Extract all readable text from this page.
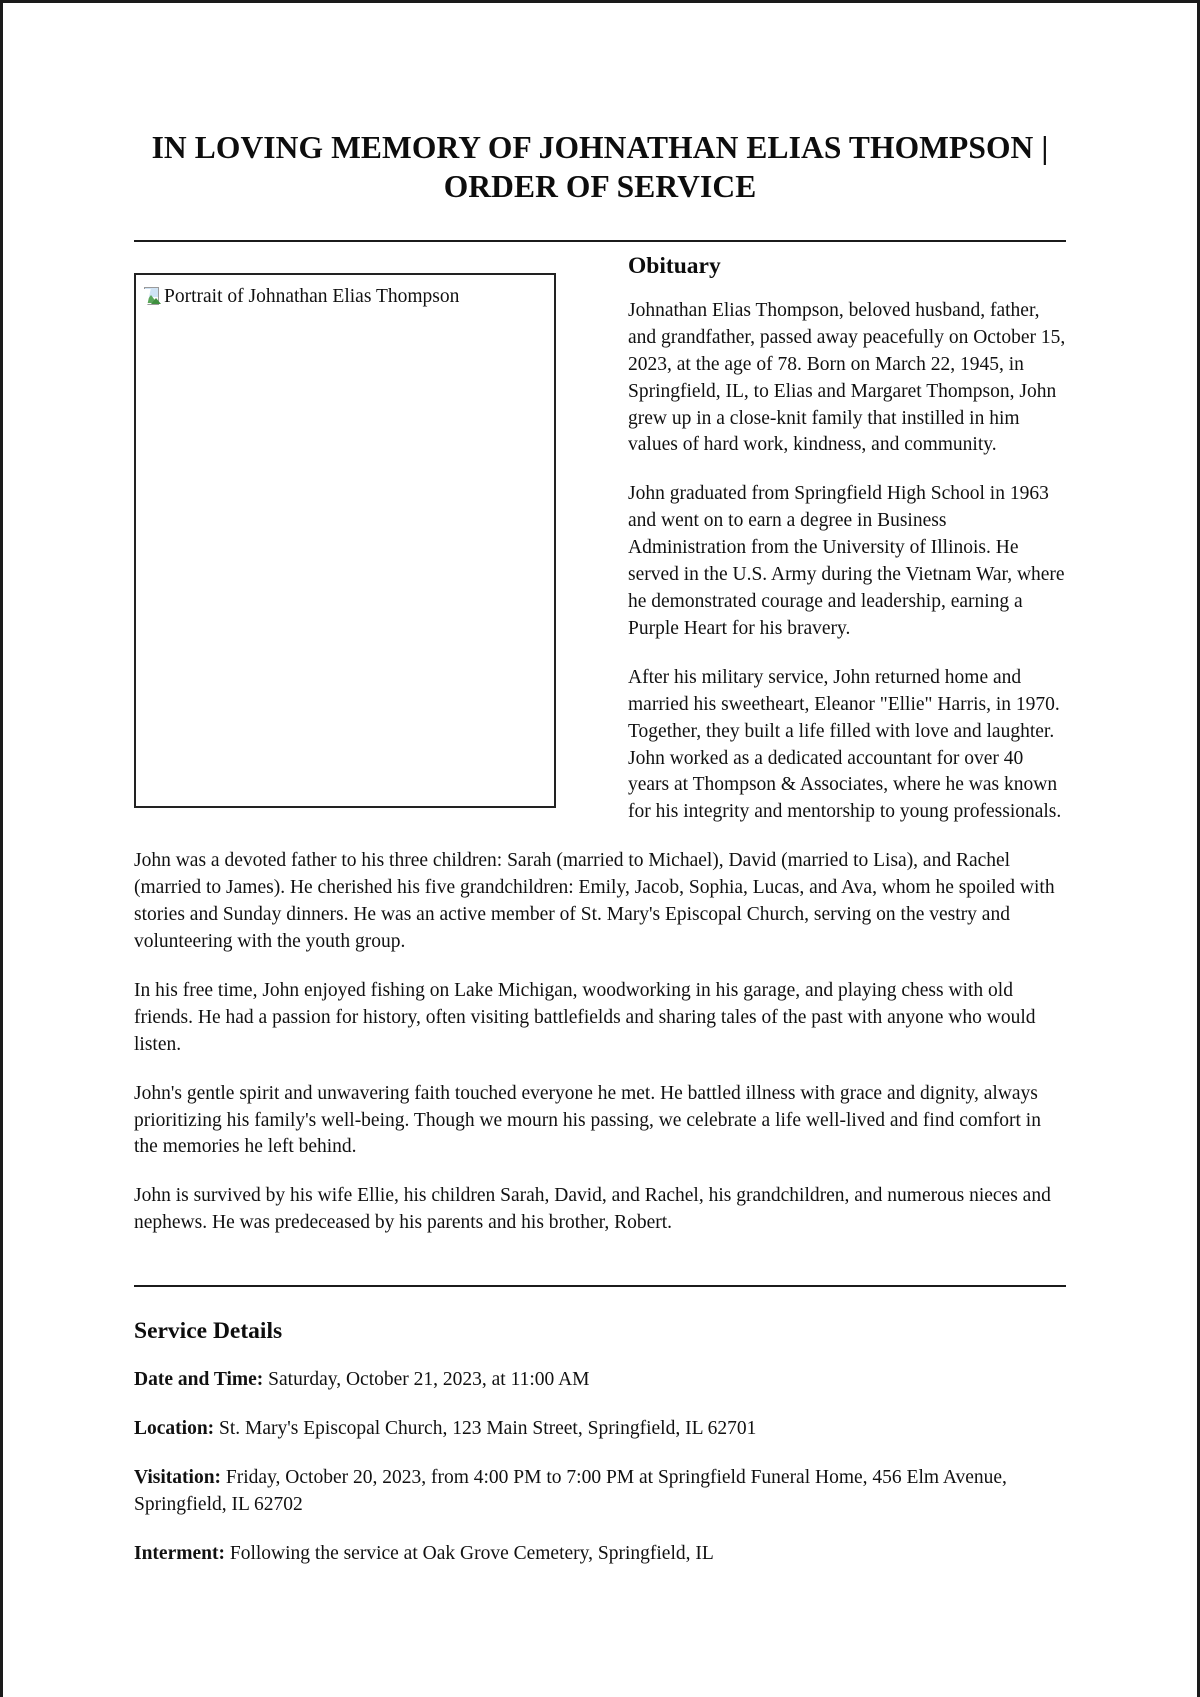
IN LOVING MEMORY OF JOHNATHAN ELIAS THOMPSON | ORDER OF SERVICE
Portrait of Johnathan Elias Thompson
Obituary

Johnathan Elias Thompson, beloved husband, father, and grandfather, passed away peacefully on October 15, 2023, at the age of 78. Born on March 22, 1945, in Springfield, IL, to Elias and Margaret Thompson, John grew up in a close-knit family that instilled in him values of hard work, kindness, and community.

John graduated from Springfield High School in 1963 and went on to earn a degree in Business Administration from the University of Illinois. He served in the U.S. Army during the Vietnam War, where he demonstrated courage and leadership, earning a Purple Heart for his bravery.

After his military service, John returned home and married his sweetheart, Eleanor "Ellie" Harris, in 1970. Together, they built a life filled with love and laughter. John worked as a dedicated accountant for over 40 years at Thompson & Associates, where he was known for his integrity and mentorship to young professionals.

John was a devoted father to his three children: Sarah (married to Michael), David (married to Lisa), and Rachel (married to James). He cherished his five grandchildren: Emily, Jacob, Sophia, Lucas, and Ava, whom he spoiled with stories and Sunday dinners. He was an active member of St. Mary's Episcopal Church, serving on the vestry and volunteering with the youth group.

In his free time, John enjoyed fishing on Lake Michigan, woodworking in his garage, and playing chess with old friends. He had a passion for history, often visiting battlefields and sharing tales of the past with anyone who would listen.

John's gentle spirit and unwavering faith touched everyone he met. He battled illness with grace and dignity, always prioritizing his family's well-being. Though we mourn his passing, we celebrate a life well-lived and find comfort in the memories he left behind.

John is survived by his wife Ellie, his children Sarah, David, and Rachel, his grandchildren, and numerous nieces and nephews. He was predeceased by his parents and his brother, Robert.

Service Details

Date and Time: Saturday, October 21, 2023, at 11:00 AM

Location: St. Mary's Episcopal Church, 123 Main Street, Springfield, IL 62701

Visitation: Friday, October 20, 2023, from 4:00 PM to 7:00 PM at Springfield Funeral Home, 456 Elm Avenue, Springfield, IL 62702

Interment: Following the service at Oak Grove Cemetery, Springfield, IL
